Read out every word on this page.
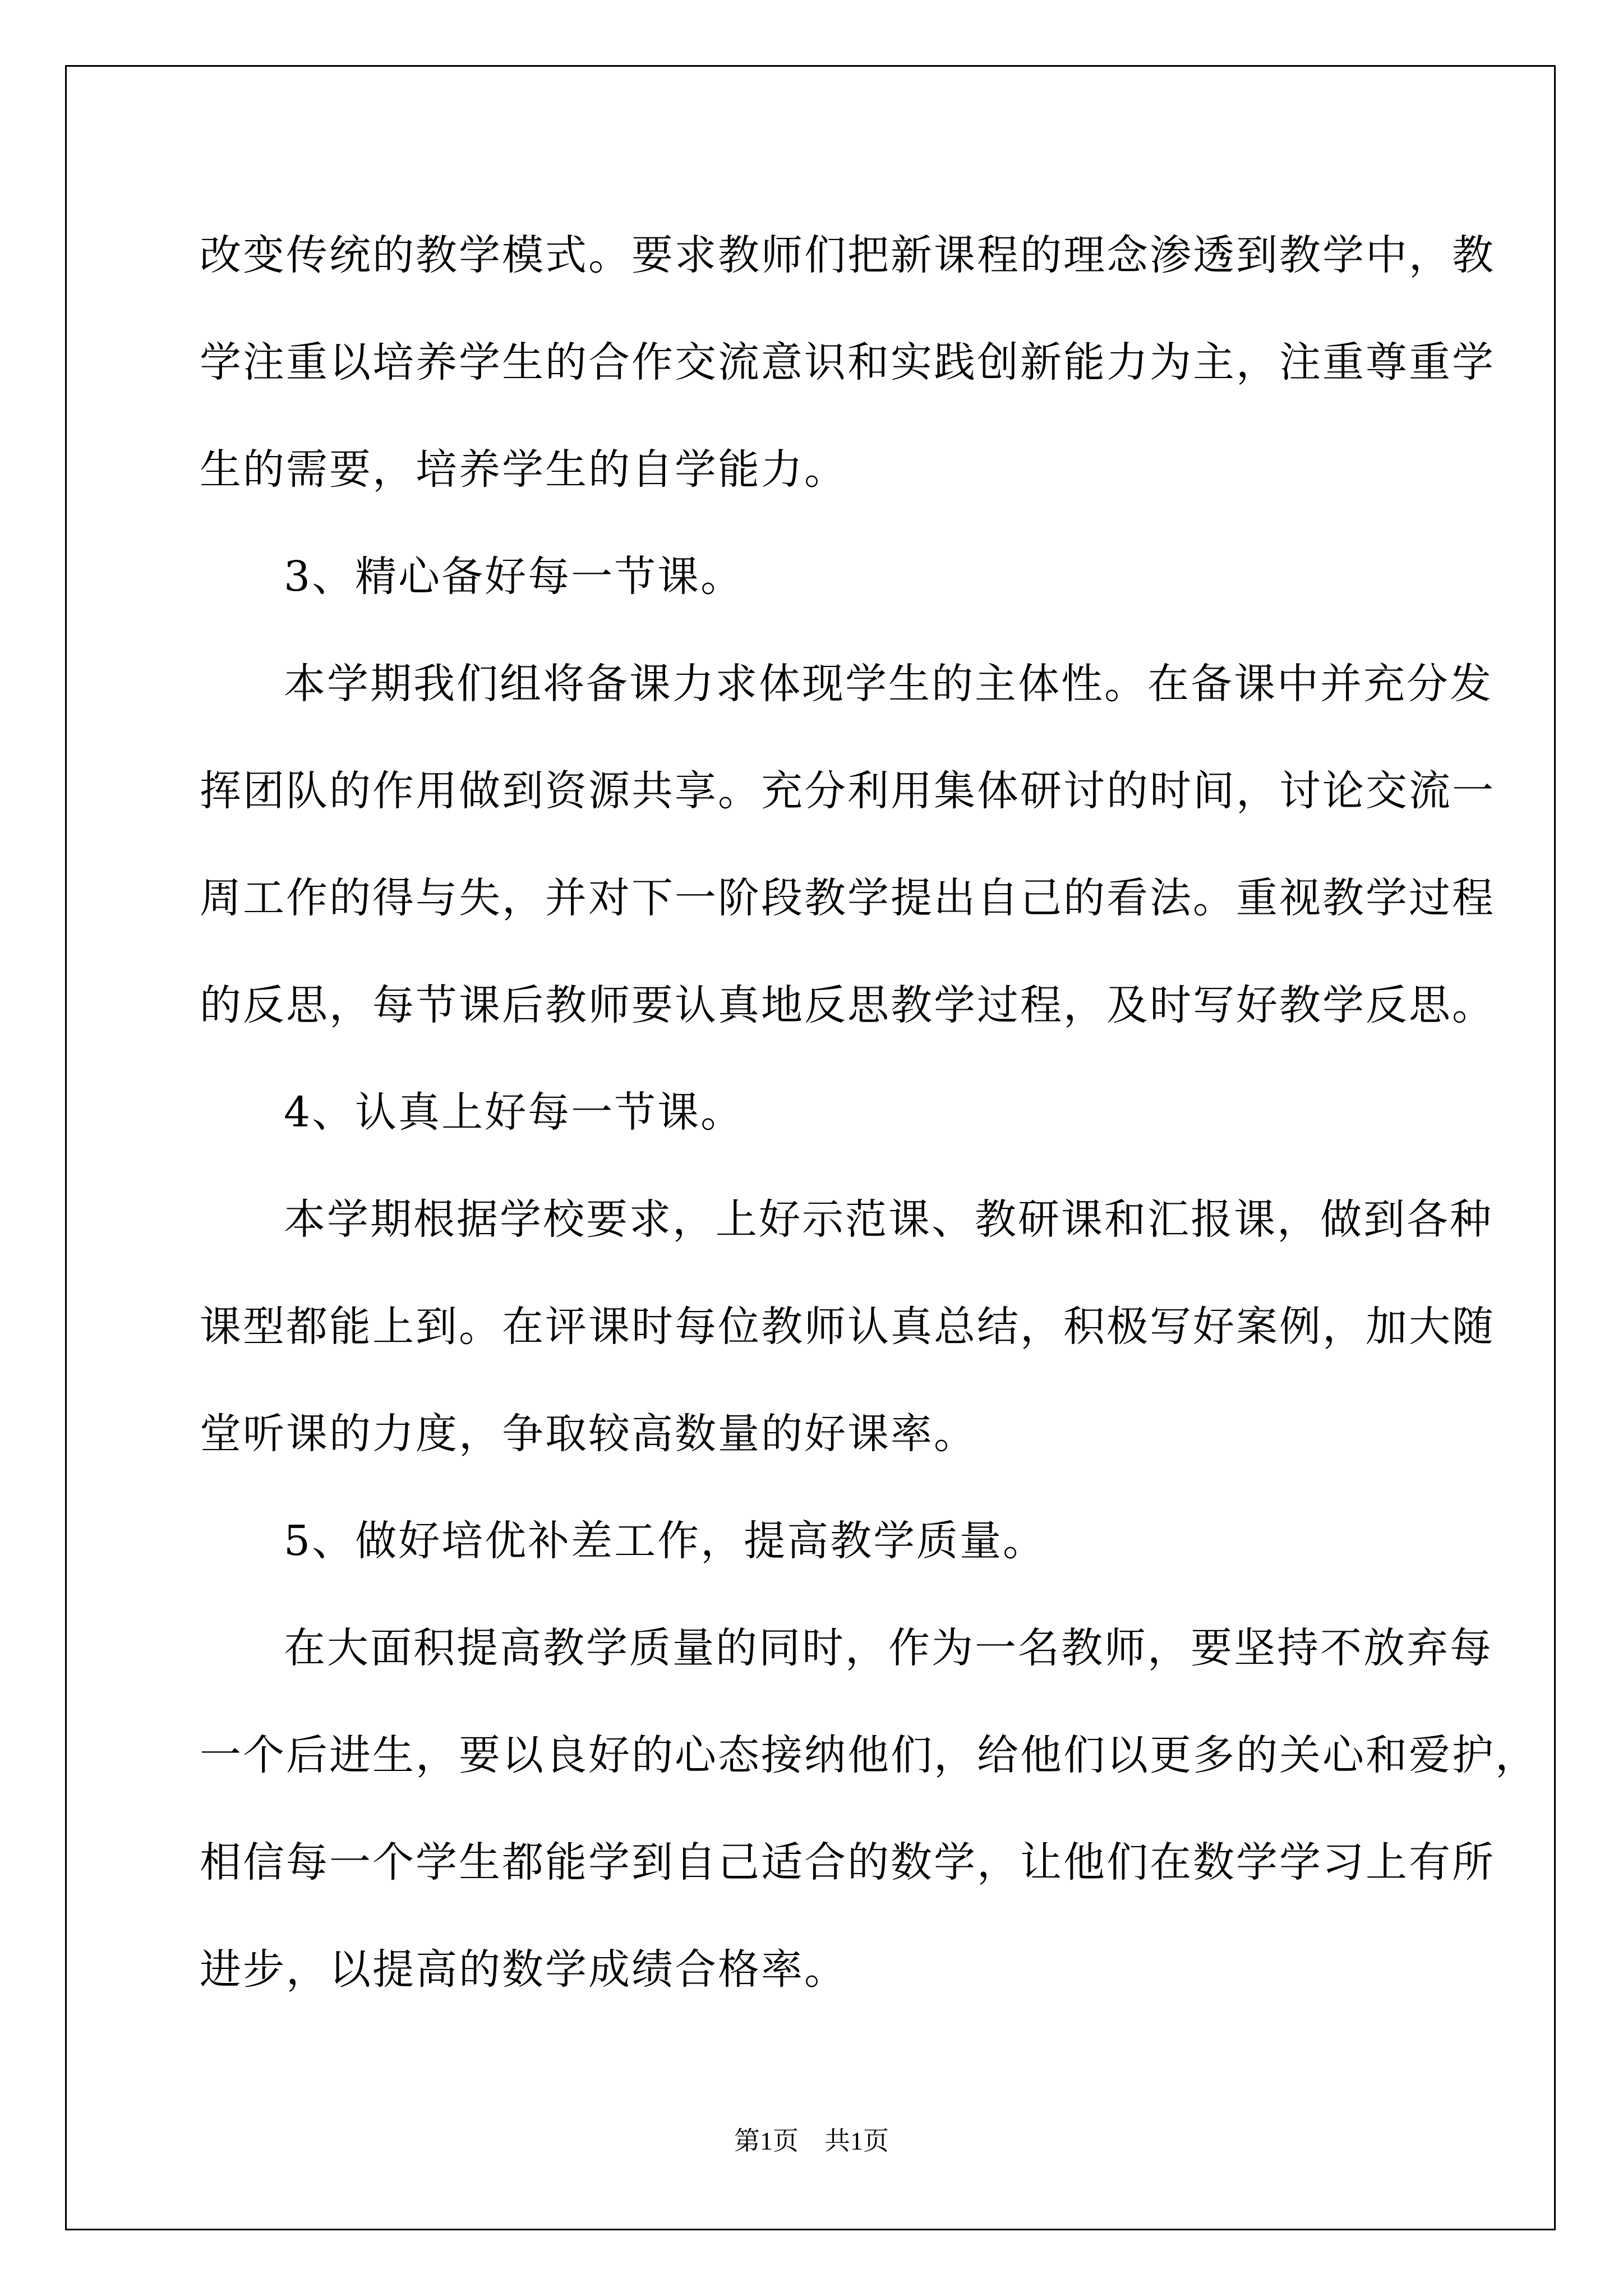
改变传统的教学模式。要求教师们把新课程的理念渗透到教学中，教
学注重以培养学生的合作交流意识和实践创新能力为主，注重尊重学
生的需要，培养学生的自学能力。
3、精心备好每一节课。
本学期我们组将备课力求体现学生的主体性。在备课中并充分发
挥团队的作用做到资源共享。充分利用集体研讨的时间，讨论交流一
周工作的得与失，并对下一阶段教学提出自己的看法。重视教学过程
的反思，每节课后教师要认真地反思教学过程，及时写好教学反思。
4、认真上好每一节课。
本学期根据学校要求，上好示范课、教研课和汇报课，做到各种
课型都能上到。在评课时每位教师认真总结，积极写好案例，加大随
堂听课的力度，争取较高数量的好课率。
5、做好培优补差工作，提高教学质量。
在大面积提高教学质量的同时，作为一名教师，要坚持不放弃每
一个后进生，要以良好的心态接纳他们，给他们以更多的关心和爱护，
相信每一个学生都能学到自己适合的数学，让他们在数学学习上有所
进步，以提高的数学成绩合格率。
第1页　共1页
